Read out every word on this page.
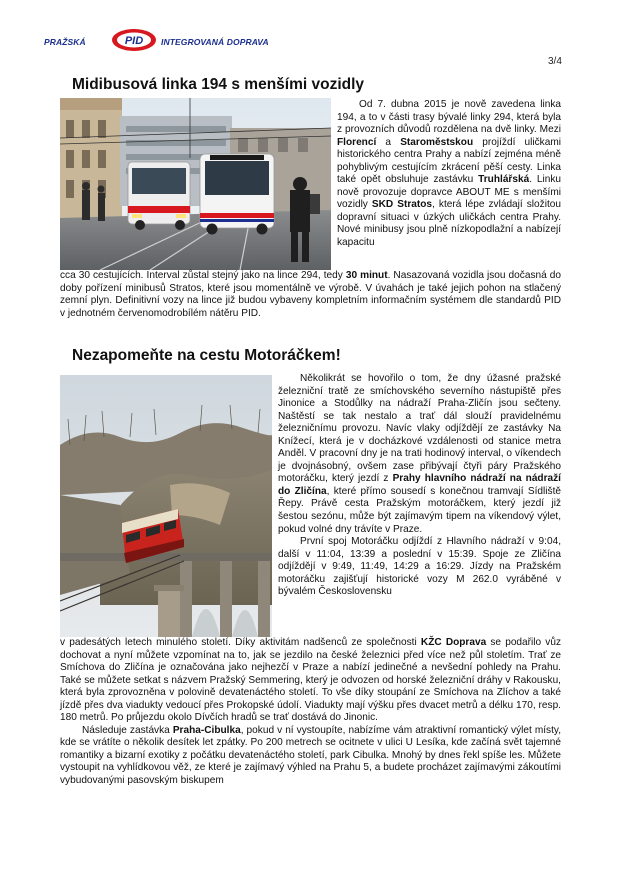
PRAŽSKÁ	PID INTEGROVANÁ DOPRAVA
3/4
Midibusová linka 194 s menšími vozidly

Od 7. dubna 2015 je nově zavedena linka 194, a to v části trasy bývalé linky 294, která byla z provozních důvodů rozdělena na dvě linky. Mezi Florencí a Staroměstskou projíždí uličkami historického centra Prahy a nabízí zejména méně pohyblivým cestujícím zkrácení pěší cesty. Linka také opět obsluhuje zastávku Truhlářská. Linku nově provozuje dopravce ABOUT ME s menšími vozidly SKD Stratos, která lépe zvládají složitou dopravní situaci v úzkých uličkách centra Prahy. Nové minibusy jsou plně nízkopodlažní a nabízejí kapacitu

cca 30 cestujících. Interval zůstal stejný jako na lince 294, tedy 30 minut. Nasazovaná vozidla jsou dočasná do doby pořízení minibusů Stratos, které jsou momentálně ve výrobě. V úvahách je také jejich pohon na stlačený zemní plyn. Definitivní vozy na lince již budou vybaveny kompletním informačním systémem dle standardů PID v jednotném červenomodrobílém nátěru PID.

Nezapomeňte na cestu Motoráčkem!

Několikrát se hovořilo o tom, že dny úžasné pražské železniční tratě ze smíchovského severního nástupiště přes Jinonice a Stodůlky na nádraží Praha-Zličín jsou sečteny. Naštěstí se tak nestalo a trať dál slouží pravidelnému železničnímu provozu. Navíc vlaky odjíždějí ze zastávky Na Knížecí, která je v docházkové vzdálenosti od stanice metra Anděl. V pracovní dny je na trati hodinový interval, o víkendech je dvojnásobný, ovšem zase přibývají čtyři páry Pražského motoráčku, který jezdí z Prahy hlavního nádraží na nádraží do Zličína, které přímo sousedí s konečnou tramvají Sídliště Řepy. Právě cesta Pražským motoráčkem, který jezdí již šestou sezónu, může být zajímavým tipem na víkendový výlet, pokud volné dny trávíte v Praze.

První spoj Motoráčku odjíždí z Hlavního nádraží v 9:04, další v 11:04, 13:39 a poslední v 15:39. Spoje ze Zličína odjíždějí v 9:49, 11:49, 14:29 a 16:29. Jízdy na Pražském motoráčku zajišťují historické vozy M 262.0 vyráběné v bývalém Československu

v padesátých letech minulého století. Díky aktivitám nadšenců ze společnosti KŽC Doprava se podařilo vůz dochovat a nyní můžete vzpomínat na to, jak se jezdilo na české železnici před více než půl stoletím. Trať ze Smíchova do Zličína je označována jako nejhezčí v Praze a nabízí jedinečné a nevšední pohledy na Prahu. Také se můžete setkat s názvem Pražský Semmering, který je odvozen od horské železniční dráhy v Rakousku, která byla zprovozněna v polovině devatenáctého století. To vše díky stoupání ze Smíchova na Zlíchov a také jízdě přes dva viadukty vedoucí přes Prokopské údolí. Viadukty mají výšku přes dvacet metrů a délku 170, resp. 180 metrů. Po průjezdu okolo Dívčích hradů se trať dostává do Jinonic.

Následuje zastávka Praha-Cibulka, pokud v ní vystoupíte, nabízíme vám atraktivní romantický výlet místy, kde se vrátíte o několik desítek let zpátky. Po 200 metrech se ocitnete v ulici U Lesíka, kde začíná svět tajemné romantiky a bizarní exotiky z počátku devatenáctého století, park Cibulka. Mnohý by dnes řekl spíše les. Můžete vystoupit na vyhlídkovou věž, ze které je zajímavý výhled na Prahu 5, a budete procházet zajímavými zákoutími vybudovanými pasovským biskupem
